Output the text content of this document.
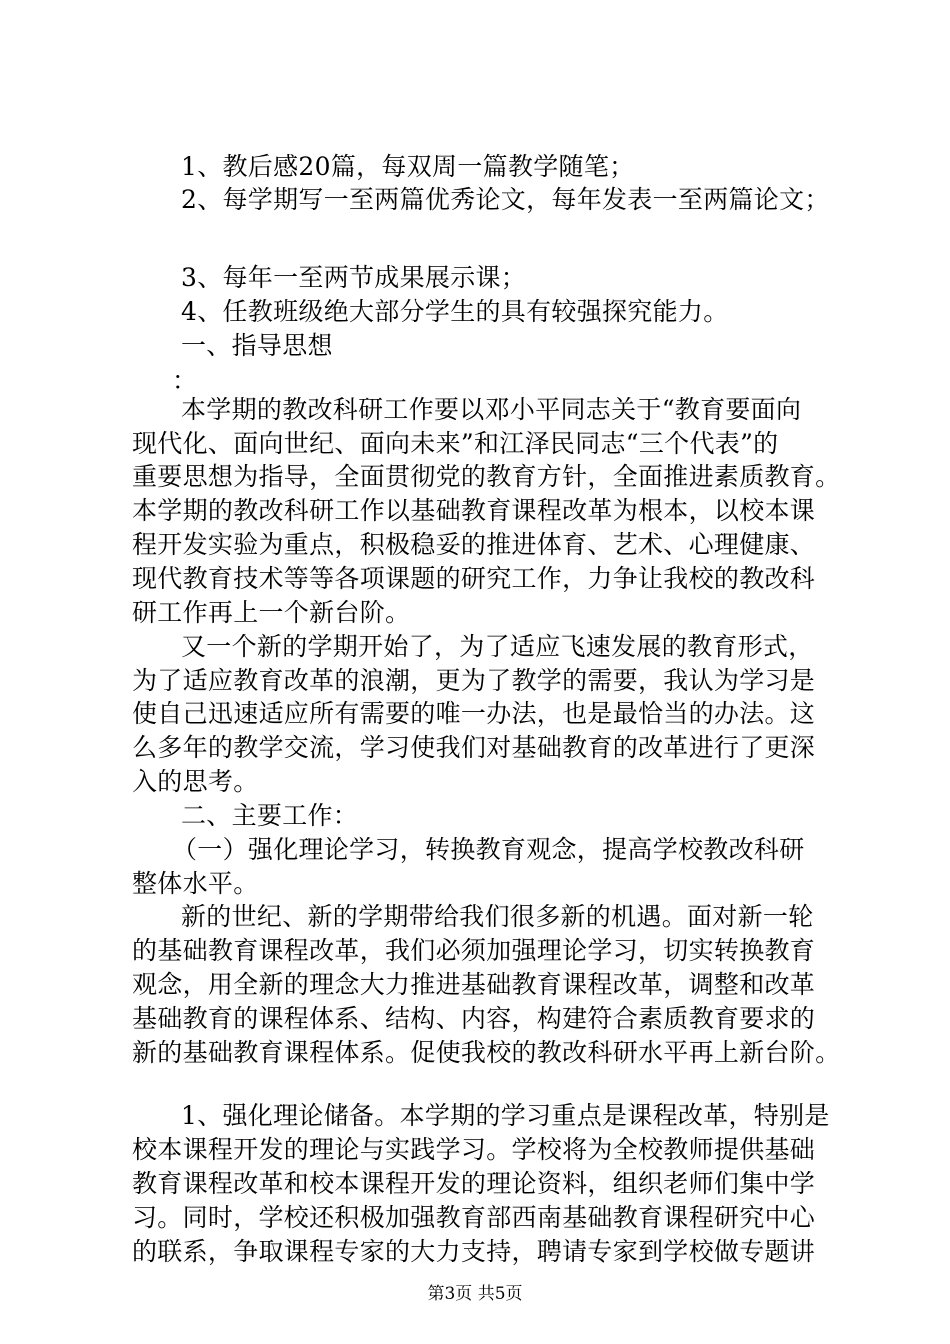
1、教后感20篇，每双周一篇教学随笔；
2、每学期写一至两篇优秀论文，每年发表一至两篇论文；
3、每年一至两节成果展示课；
4、任教班级绝大部分学生的具有较强探究能力。
一、指导思想
：
本学期的教改科研工作要以邓小平同志关于“教育要面向
现代化、面向世纪、面向未来”和江泽民同志“三个代表”的
重要思想为指导，全面贯彻党的教育方针，全面推进素质教育。
本学期的教改科研工作以基础教育课程改革为根本，以校本课
程开发实验为重点，积极稳妥的推进体育、艺术、心理健康、
现代教育技术等等各项课题的研究工作，力争让我校的教改科
研工作再上一个新台阶。
又一个新的学期开始了，为了适应飞速发展的教育形式，
为了适应教育改革的浪潮，更为了教学的需要，我认为学习是
使自己迅速适应所有需要的唯一办法，也是最恰当的办法。这
么多年的教学交流，学习使我们对基础教育的改革进行了更深
入的思考。
二、主要工作：
（一）强化理论学习，转换教育观念，提高学校教改科研
整体水平。
新的世纪、新的学期带给我们很多新的机遇。面对新一轮
的基础教育课程改革，我们必须加强理论学习，切实转换教育
观念，用全新的理念大力推进基础教育课程改革，调整和改革
基础教育的课程体系、结构、内容，构建符合素质教育要求的
新的基础教育课程体系。促使我校的教改科研水平再上新台阶。
1、强化理论储备。本学期的学习重点是课程改革，特别是
校本课程开发的理论与实践学习。学校将为全校教师提供基础
教育课程改革和校本课程开发的理论资料，组织老师们集中学
习。同时，学校还积极加强教育部西南基础教育课程研究中心
的联系，争取课程专家的大力支持，聘请专家到学校做专题讲
第3页 共5页
